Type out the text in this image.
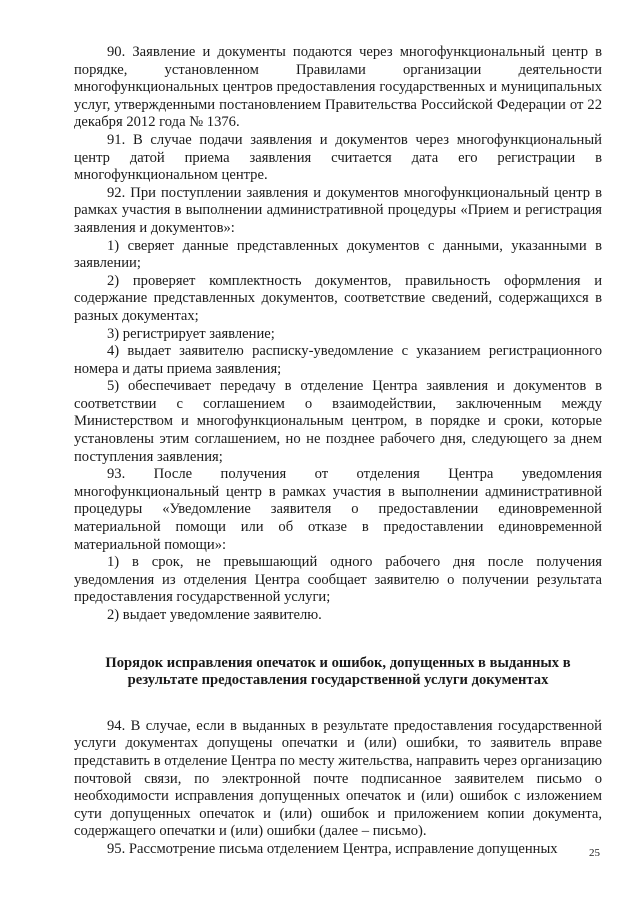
90. Заявление и документы подаются через многофункциональный центр в порядке, установленном Правилами организации деятельности многофункциональных центров предоставления государственных и муниципальных услуг, утвержденными постановлением Правительства Российской Федерации от 22 декабря 2012 года № 1376.

91. В случае подачи заявления и документов через многофункциональный центр датой приема заявления считается дата его регистрации в многофункциональном центре.

92. При поступлении заявления и документов многофункциональный центр в рамках участия в выполнении административной процедуры «Прием и регистрация заявления и документов»:

1) сверяет данные представленных документов с данными, указанными в заявлении;

2) проверяет комплектность документов, правильность оформления и содержание представленных документов, соответствие сведений, содержащихся в разных документах;

3) регистрирует заявление;

4) выдает заявителю расписку-уведомление с указанием регистрационного номера и даты приема заявления;

5) обеспечивает передачу в отделение Центра заявления и документов в соответствии с соглашением о взаимодействии, заключенным между Министерством и многофункциональным центром, в порядке и сроки, которые установлены этим соглашением, но не позднее рабочего дня, следующего за днем поступления заявления;

93. После получения от отделения Центра уведомления многофункциональный центр в рамках участия в выполнении административной процедуры «Уведомление заявителя о предоставлении единовременной материальной помощи или об отказе в предоставлении единовременной материальной помощи»:

1) в срок, не превышающий одного рабочего дня после получения уведомления из отделения Центра сообщает заявителю о получении результата предоставления государственной услуги;

2) выдает уведомление заявителю.

Порядок исправления опечаток и ошибок, допущенных в выданных в результате предоставления государственной услуги документах

94. В случае, если в выданных в результате предоставления государственной услуги документах допущены опечатки и (или) ошибки, то заявитель вправе представить в отделение Центра по месту жительства, направить через организацию почтовой связи, по электронной почте подписанное заявителем письмо о необходимости исправления допущенных опечаток и (или) ошибок с изложением сути допущенных опечаток и (или) ошибок и приложением копии документа, содержащего опечатки и (или) ошибки (далее – письмо).

95. Рассмотрение письма отделением Центра, исправление допущенных	25
